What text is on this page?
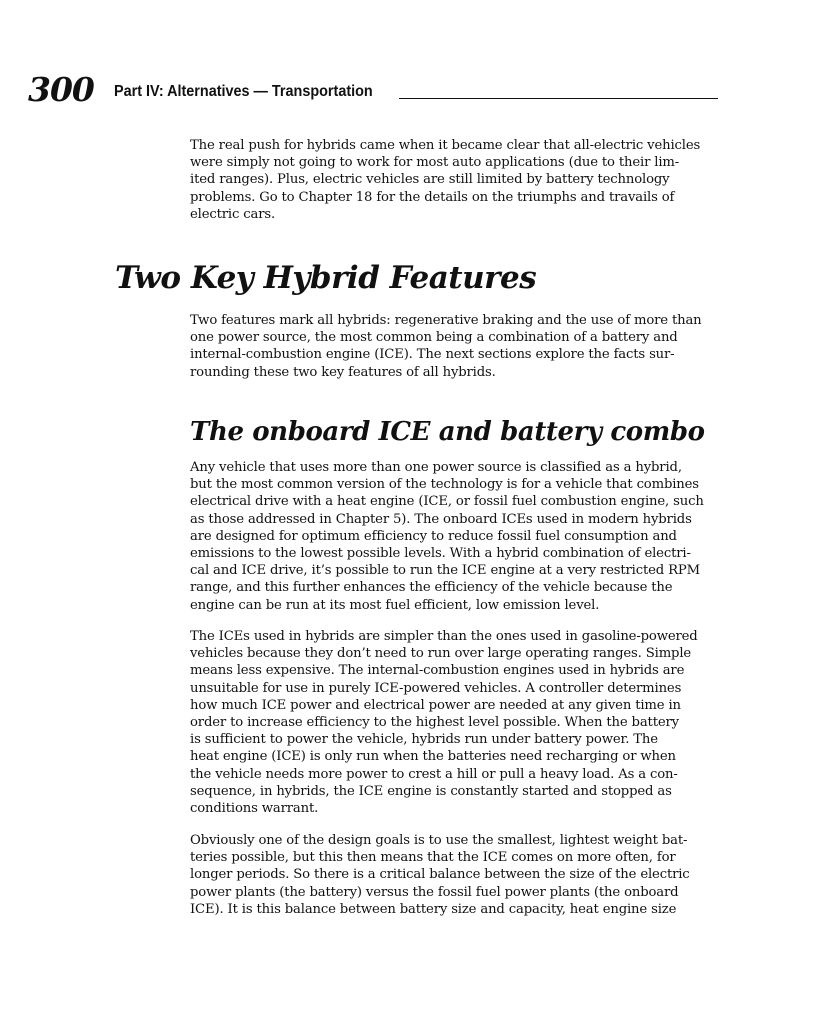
300 Part IV: Alternatives — Transportation

The real push for hybrids came when it became clear that all-electric vehicles
were simply not going to work for most auto applications (due to their lim-
ited ranges). Plus, electric vehicles are still limited by battery technology
problems. Go to Chapter 18 for the details on the triumphs and travails of
electric cars.

Two Key Hybrid Features

Two features mark all hybrids: regenerative braking and the use of more than
one power source, the most common being a combination of a battery and
internal-combustion engine (ICE). The next sections explore the facts sur-
rounding these two key features of all hybrids.

The onboard ICE and battery combo

Any vehicle that uses more than one power source is classified as a hybrid,
but the most common version of the technology is for a vehicle that combines
electrical drive with a heat engine (ICE, or fossil fuel combustion engine, such
as those addressed in Chapter 5). The onboard ICEs used in modern hybrids
are designed for optimum efficiency to reduce fossil fuel consumption and
emissions to the lowest possible levels. With a hybrid combination of electri-
cal and ICE drive, it’s possible to run the ICE engine at a very restricted RPM
range, and this further enhances the efficiency of the vehicle because the
engine can be run at its most fuel efficient, low emission level.

The ICEs used in hybrids are simpler than the ones used in gasoline-powered
vehicles because they don’t need to run over large operating ranges. Simple
means less expensive. The internal-combustion engines used in hybrids are
unsuitable for use in purely ICE-powered vehicles. A controller determines
how much ICE power and electrical power are needed at any given time in
order to increase efficiency to the highest level possible. When the battery
is sufficient to power the vehicle, hybrids run under battery power. The
heat engine (ICE) is only run when the batteries need recharging or when
the vehicle needs more power to crest a hill or pull a heavy load. As a con-
sequence, in hybrids, the ICE engine is constantly started and stopped as
conditions warrant.

Obviously one of the design goals is to use the smallest, lightest weight bat-
teries possible, but this then means that the ICE comes on more often, for
longer periods. So there is a critical balance between the size of the electric
power plants (the battery) versus the fossil fuel power plants (the onboard
ICE). It is this balance between battery size and capacity, heat engine size
